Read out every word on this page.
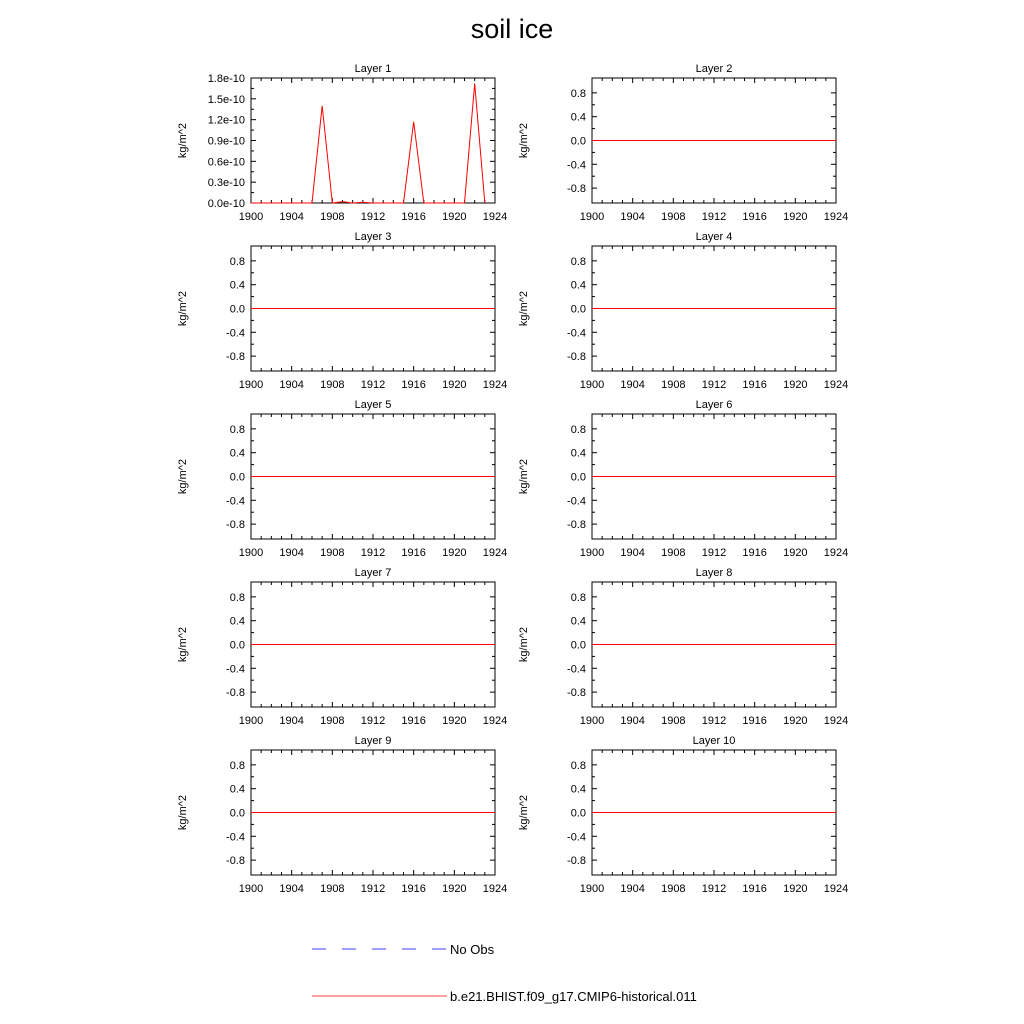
soil ice
Layer 1
kg/m^2
1900 1904 1908 1912 1916 1920 1924
0.0e-10
0.3e-10
0.6e-10
0.9e-10
1.2e-10
1.5e-10
1.8e-10
Layer 2
kg/m^2
1900 1904 1908 1912 1916 1920 1924
0.8
0.4
0.0
-0.4
-0.8
Layer 3
kg/m^2
1900 1904 1908 1912 1916 1920 1924
0.8
0.4
0.0
-0.4
-0.8
Layer 4
kg/m^2
1900 1904 1908 1912 1916 1920 1924
0.8
0.4
0.0
-0.4
-0.8
Layer 5
kg/m^2
1900 1904 1908 1912 1916 1920 1924
0.8
0.4
0.0
-0.4
-0.8
Layer 6
kg/m^2
1900 1904 1908 1912 1916 1920 1924
0.8
0.4
0.0
-0.4
-0.8
Layer 7
kg/m^2
1900 1904 1908 1912 1916 1920 1924
0.8
0.4
0.0
-0.4
-0.8
Layer 8
kg/m^2
1900 1904 1908 1912 1916 1920 1924
0.8
0.4
0.0
-0.4
-0.8
Layer 9
kg/m^2
1900 1904 1908 1912 1916 1920 1924
0.8
0.4
0.0
-0.4
-0.8
Layer 10
kg/m^2
1900 1904 1908 1912 1916 1920 1924
0.8
0.4
0.0
-0.4
-0.8
No Obs
b.e21.BHIST.f09_g17.CMIP6-historical.011
